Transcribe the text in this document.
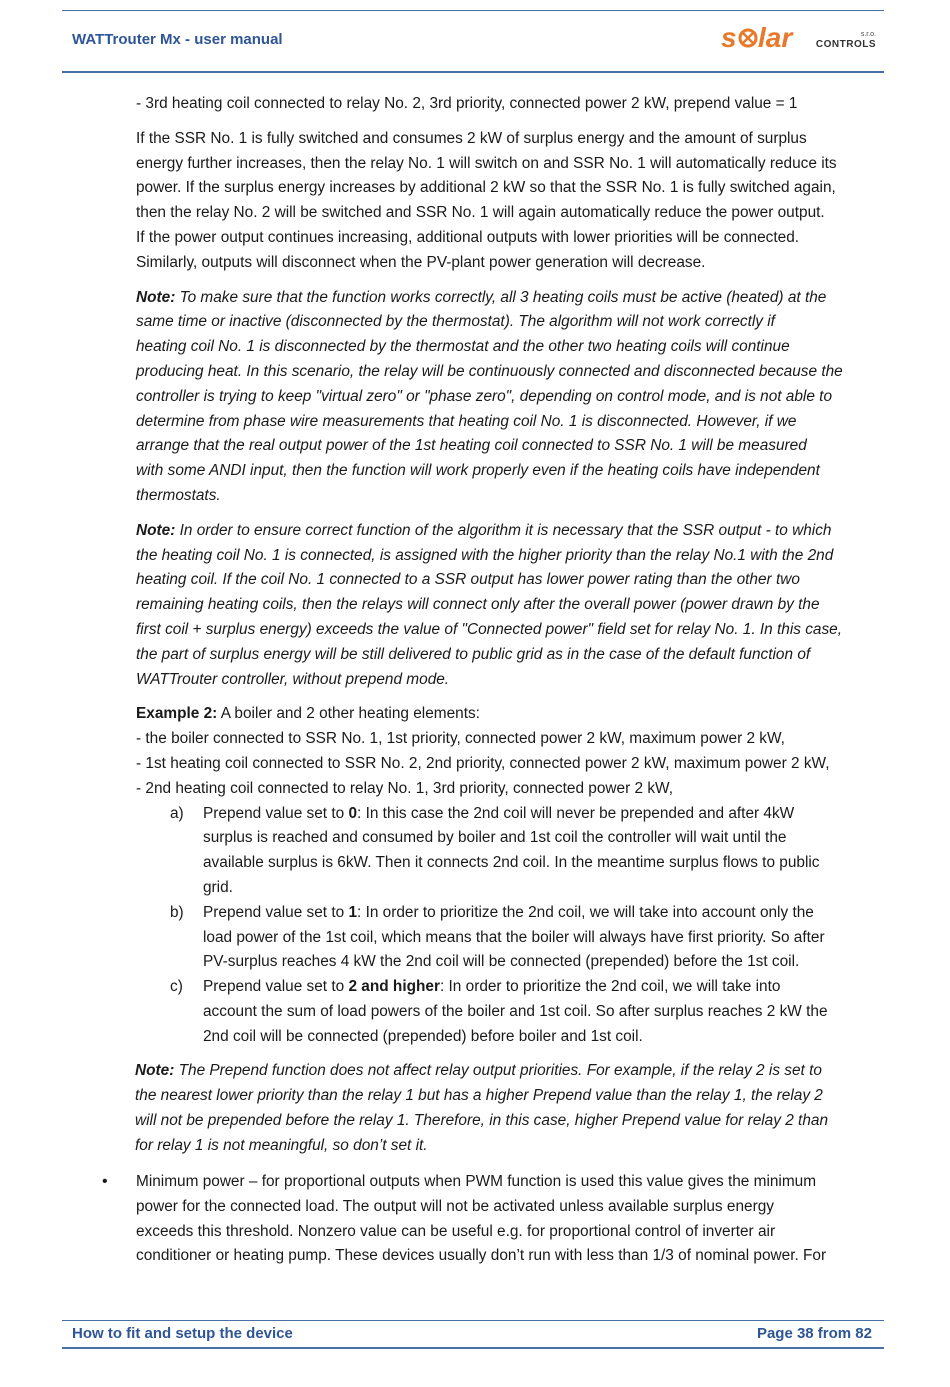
WATTrouter Mx - user manual	s lar	s.r.o.
CONTROLS

- 3rd heating coil connected to relay No. 2, 3rd priority, connected power 2 kW, prepend value = 1

If the SSR No. 1 is fully switched and consumes 2 kW of surplus energy and the amount of surplus
energy further increases, then the relay No. 1 will switch on and SSR No. 1 will automatically reduce its
power. If the surplus energy increases by additional 2 kW so that the SSR No. 1 is fully switched again,
then the relay No. 2 will be switched and SSR No. 1 will again automatically reduce the power output.
If the power output continues increasing, additional outputs with lower priorities will be connected.
Similarly, outputs will disconnect when the PV-plant power generation will decrease.

Note: To make sure that the function works correctly, all 3 heating coils must be active (heated) at the
same time or inactive (disconnected by the thermostat). The algorithm will not work correctly if
heating coil No. 1 is disconnected by the thermostat and the other two heating coils will continue
producing heat. In this scenario, the relay will be continuously connected and disconnected because the
controller is trying to keep "virtual zero" or "phase zero", depending on control mode, and is not able to
determine from phase wire measurements that heating coil No. 1 is disconnected. However, if we
arrange that the real output power of the 1st heating coil connected to SSR No. 1 will be measured
with some ANDI input, then the function will work properly even if the heating coils have independent
thermostats.

Note: In order to ensure correct function of the algorithm it is necessary that the SSR output - to which
the heating coil No. 1 is connected, is assigned with the higher priority than the relay No.1 with the 2nd
heating coil. If the coil No. 1 connected to a SSR output has lower power rating than the other two
remaining heating coils, then the relays will connect only after the overall power (power drawn by the
first coil + surplus energy) exceeds the value of "Connected power" field set for relay No. 1. In this case,
the part of surplus energy will be still delivered to public grid as in the case of the default function of
WATTrouter controller, without prepend mode.

Example 2: A boiler and 2 other heating elements:
- the boiler connected to SSR No. 1, 1st priority, connected power 2 kW, maximum power 2 kW,
- 1st heating coil connected to SSR No. 2, 2nd priority, connected power 2 kW, maximum power 2 kW,
- 2nd heating coil connected to relay No. 1, 3rd priority, connected power 2 kW,
a) Prepend value set to 0: In this case the 2nd coil will never be prepended and after 4kW
surplus is reached and consumed by boiler and 1st coil the controller will wait until the
available surplus is 6kW. Then it connects 2nd coil. In the meantime surplus flows to public
grid.
b) Prepend value set to 1: In order to prioritize the 2nd coil, we will take into account only the
load power of the 1st coil, which means that the boiler will always have first priority. So after
PV-surplus reaches 4 kW the 2nd coil will be connected (prepended) before the 1st coil.
c) Prepend value set to 2 and higher: In order to prioritize the 2nd coil, we will take into
account the sum of load powers of the boiler and 1st coil. So after surplus reaches 2 kW the
2nd coil will be connected (prepended) before boiler and 1st coil.

Note: The Prepend function does not affect relay output priorities. For example, if the relay 2 is set to
the nearest lower priority than the relay 1 but has a higher Prepend value than the relay 1, the relay 2
will not be prepended before the relay 1. Therefore, in this case, higher Prepend value for relay 2 than
for relay 1 is not meaningful, so don’t set it.

• Minimum power – for proportional outputs when PWM function is used this value gives the minimum
power for the connected load. The output will not be activated unless available surplus energy
exceeds this threshold. Nonzero value can be useful e.g. for proportional control of inverter air
conditioner or heating pump. These devices usually don’t run with less than 1/3 of nominal power. For
How to fit and setup the device	Page 38 from 82
